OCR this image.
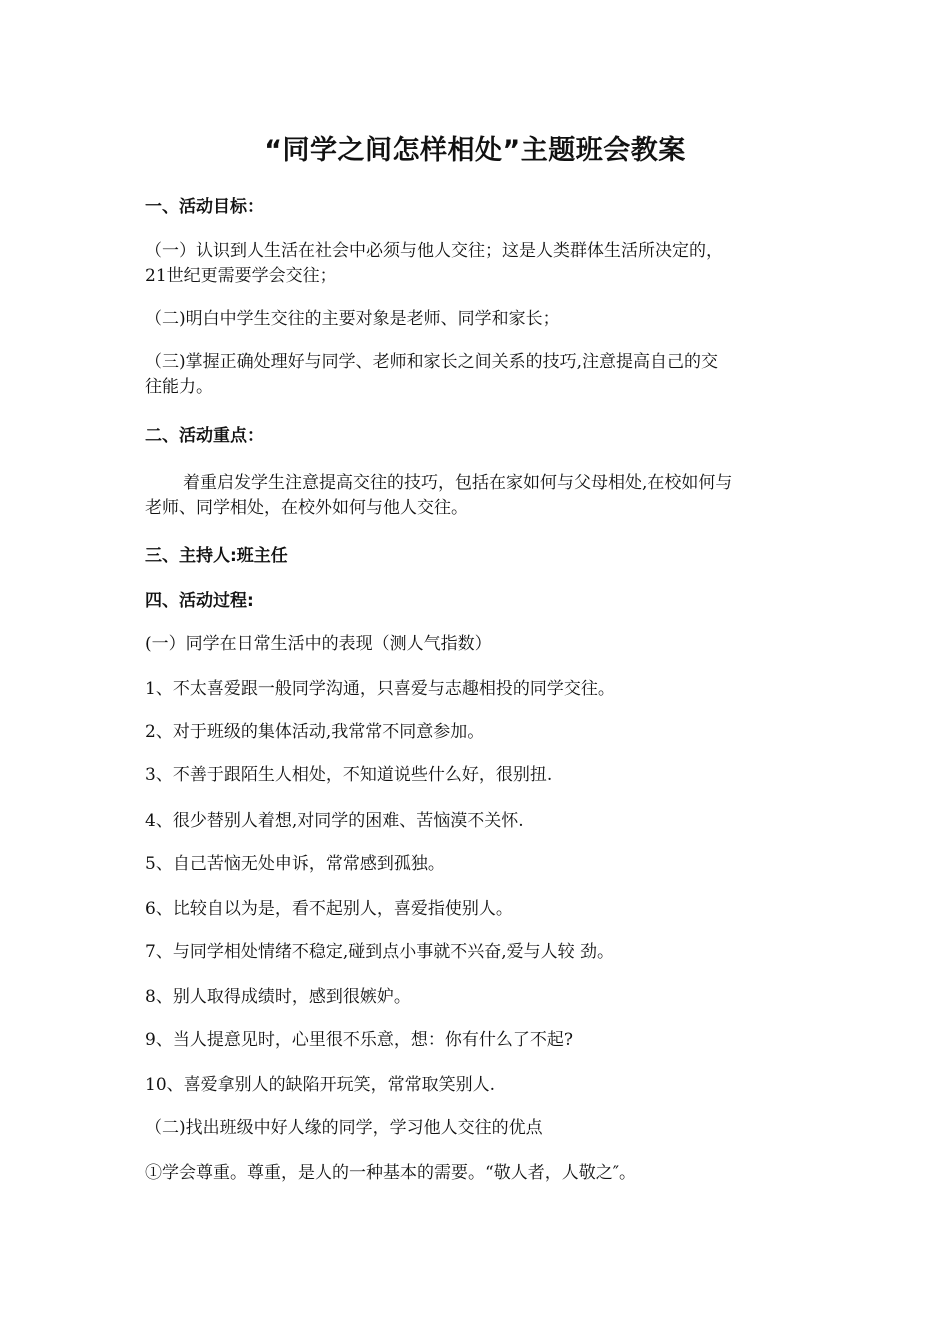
“同学之间怎样相处”主题班会教案
一、活动目标：
（一）认识到人生活在社会中必须与他人交往；这是人类群体生活所决定的，
21世纪更需要学会交往；
（二)明白中学生交往的主要对象是老师、同学和家长；
（三)掌握正确处理好与同学、老师和家长之间关系的技巧,注意提高自己的交
往能力。
二、活动重点：
着重启发学生注意提高交往的技巧，包括在家如何与父母相处,在校如何与
老师、同学相处，在校外如何与他人交往。
三、主持人:班主任
四、活动过程:
(一）同学在日常生活中的表现（测人气指数）
1、不太喜爱跟一般同学沟通，只喜爱与志趣相投的同学交往。
2、对于班级的集体活动,我常常不同意参加。
3、不善于跟陌生人相处，不知道说些什么好，很别扭.
4、很少替别人着想,对同学的困难、苦恼漠不关怀.
5、自己苦恼无处申诉，常常感到孤独。
6、比较自以为是，看不起别人，喜爱指使别人。
7、与同学相处情绪不稳定,碰到点小事就不兴奋,爱与人较 劲。
8、别人取得成绩时，感到很嫉妒。
9、当人提意见时，心里很不乐意，想：你有什么了不起?
10、喜爱拿别人的缺陷开玩笑，常常取笑别人.
（二)找出班级中好人缘的同学，学习他人交往的优点
①学会尊重。尊重，是人的一种基本的需要。“敬人者，人敬之″。
